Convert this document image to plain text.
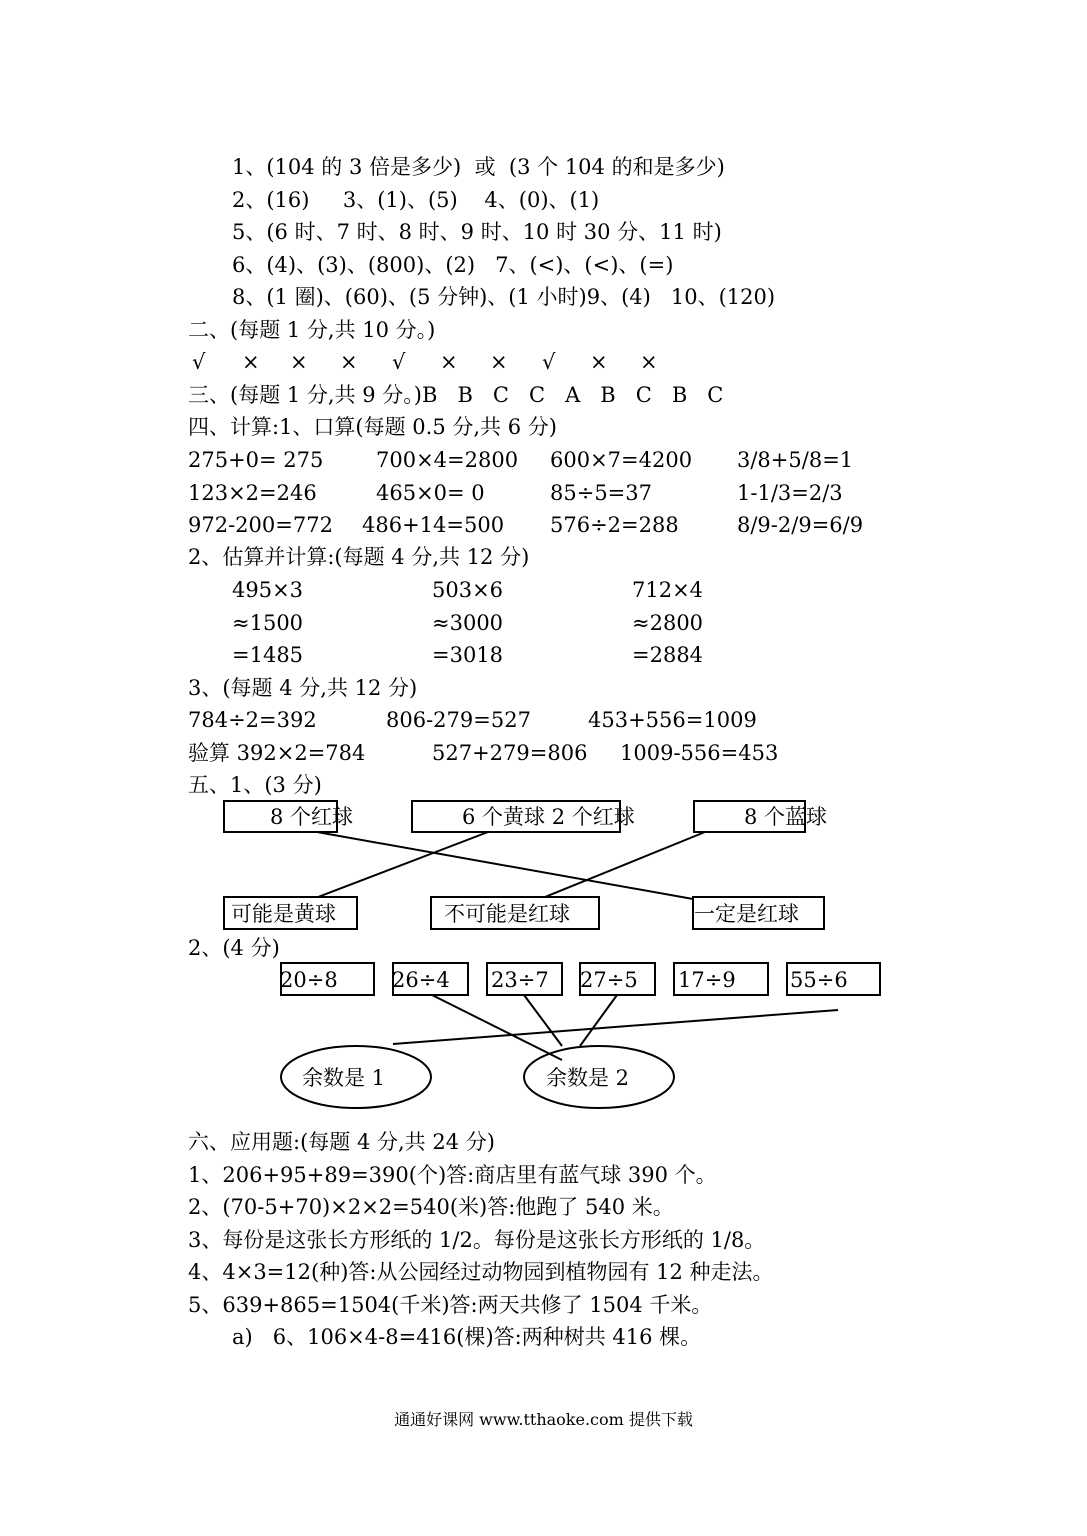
1、(104 的 3 倍是多少)  或  (3 个 104 的和是多少)
2、(16)     3、(1)、(5)    4、(0)、(1)
5、(6 时、7 时、8 时、9 时、10 时 30 分、11 时)
6、(4)、(3)、(800)、(2)   7、(<)、(<)、(=)
8、(1 圈)、(60)、(5 分钟)、(1 小时)9、(4)   10、(120)
二、(每题 1 分,共 10 分。)
√ × × × √ × × √ × ×
三、(每题 1 分,共 9 分。)B   B   C   C   A   B   C   B   C
四、计算:1、口算(每题 0.5 分,共 6 分)
275+0= 275	700×4=2800 600×7=4200 3/8+5/8=1
123×2=246	465×0= 0	85÷5=37	1-1/3=2/3
972-200=772 486+14=500 576÷2=288	8/9-2/9=6/9
2、估算并计算:(每题 4 分,共 12 分)
495×3	503×6	712×4
≈1500	≈3000	≈2800
=1485	=3018	=2884
3、(每题 4 分,共 12 分)
784÷2=392	806-279=527	453+556=1009
验算 392×2=784	527+279=806 1009-556=453
五、1、(3 分)
2、(4 分)
8 个红球	6 个黄球 2 个红球	8 个蓝球
可能是黄球	不可能是红球	一定是红球
20÷8	26÷4 23÷7 27÷5 17÷9	55÷6
余数是 1	余数是 2
六、应用题:(每题 4 分,共 24 分)
1、206+95+89=390(个)答:商店里有蓝气球 390 个。
2、(70-5+70)×2×2=540(米)答:他跑了 540 米。
3、每份是这张长方形纸的 1/2。每份是这张长方形纸的 1/8。
4、4×3=12(种)答:从公园经过动物园到植物园有 12 种走法。
5、639+865=1504(千米)答:两天共修了 1504 千米。
a)   6、106×4-8=416(棵)答:两种树共 416 棵。
通通好课网 www.tthaoke.com 提供下载
